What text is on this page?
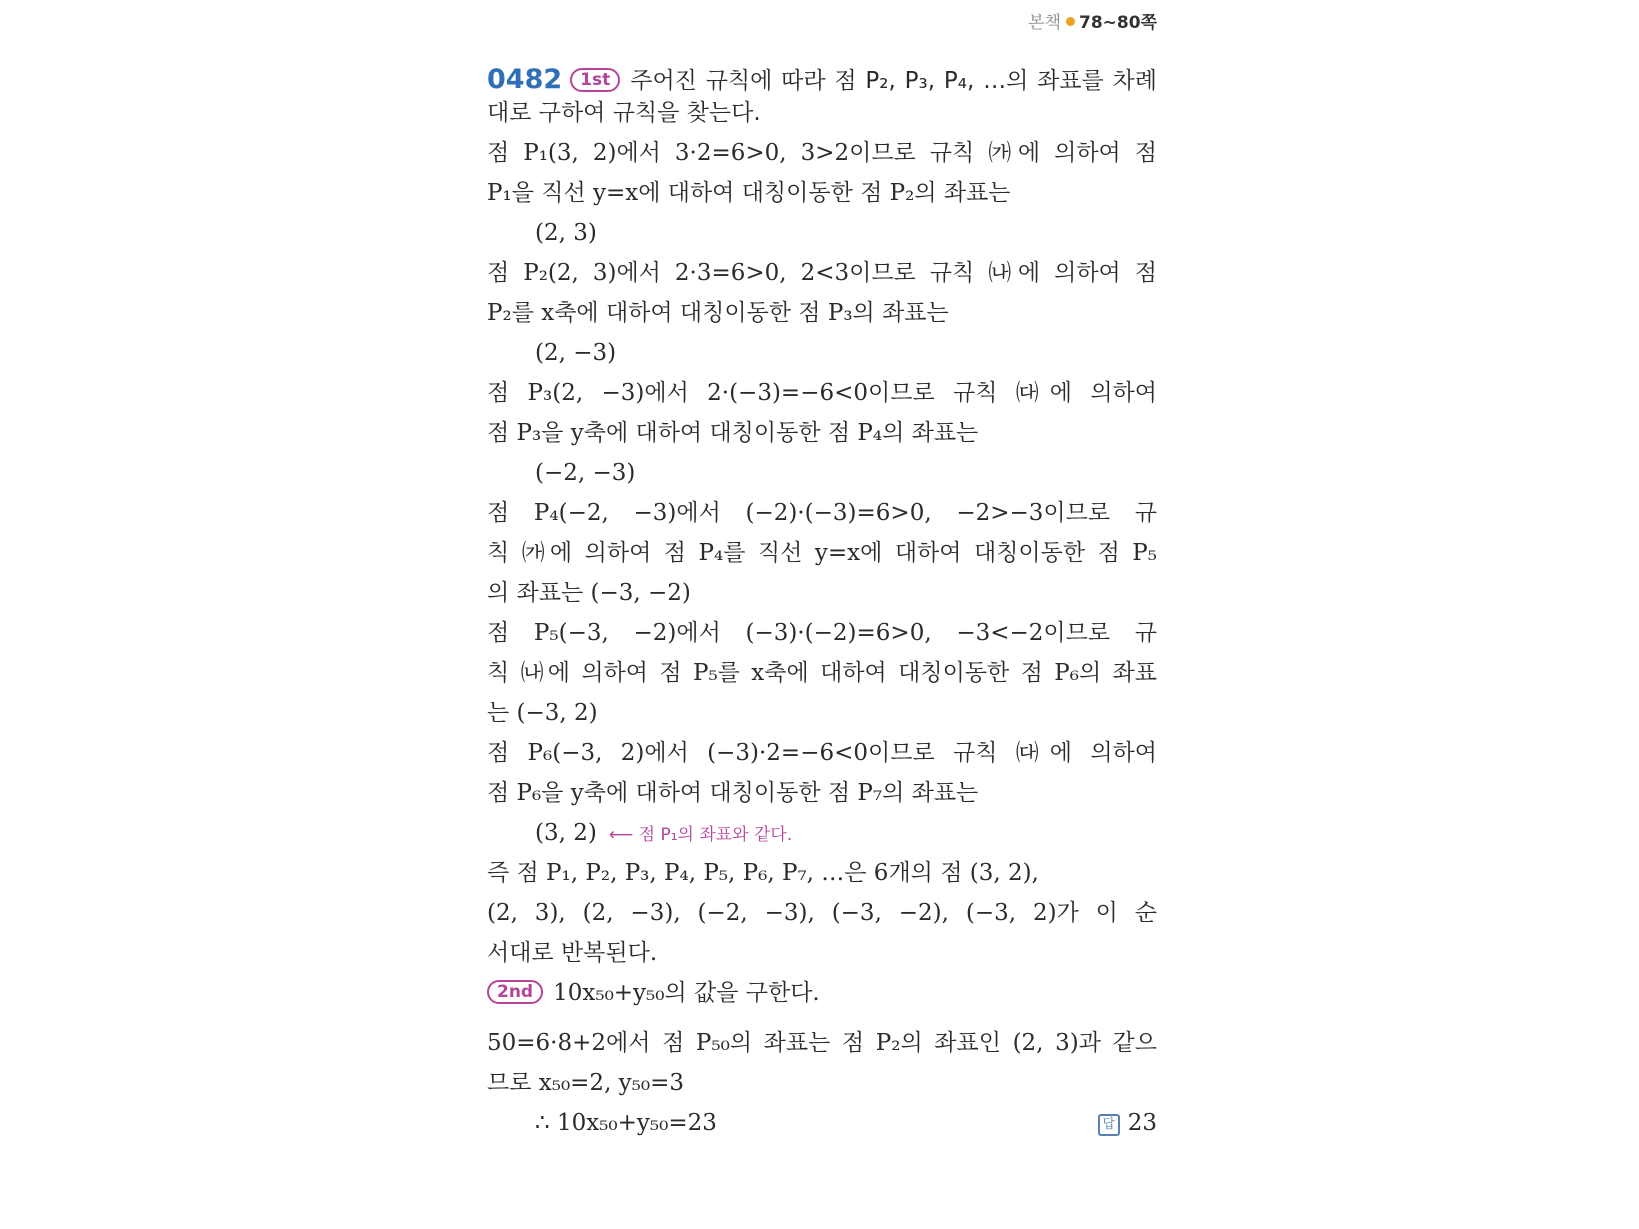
본책 78~80쪽
0482 1st 주어진 규칙에 따라 점 P₂, P₃, P₄, …의 좌표를 차례
대로 구하여 규칙을 찾는다.
점 P₁(3, 2)에서 3·2=6>0, 3>2이므로 규칙 ㈎에 의하여 점
P₁을 직선 y=x에 대하여 대칭이동한 점 P₂의 좌표는
(2, 3)
점 P₂(2, 3)에서 2·3=6>0, 2<3이므로 규칙 ㈏에 의하여 점
P₂를 x축에 대하여 대칭이동한 점 P₃의 좌표는
(2, −3)
점 P₃(2, −3)에서 2·(−3)=−6<0이므로 규칙 ㈐에 의하여
점 P₃을 y축에 대하여 대칭이동한 점 P₄의 좌표는
(−2, −3)
점 P₄(−2, −3)에서 (−2)·(−3)=6>0, −2>−3이므로 규
칙 ㈎에 의하여 점 P₄를 직선 y=x에 대하여 대칭이동한 점 P₅
의 좌표는 (−3, −2)
점 P₅(−3, −2)에서 (−3)·(−2)=6>0, −3<−2이므로 규
칙 ㈏에 의하여 점 P₅를 x축에 대하여 대칭이동한 점 P₆의 좌표
는 (−3, 2)
점 P₆(−3, 2)에서 (−3)·2=−6<0이므로 규칙 ㈐에 의하여
점 P₆을 y축에 대하여 대칭이동한 점 P₇의 좌표는
(3, 2) ⟵ 점 P₁의 좌표와 같다.
즉 점 P₁, P₂, P₃, P₄, P₅, P₆, P₇, …은 6개의 점 (3, 2),
(2, 3), (2, −3), (−2, −3), (−3, −2), (−3, 2)가 이 순
서대로 반복된다.
2nd 10x₅₀+y₅₀의 값을 구한다.
50=6·8+2에서 점 P₅₀의 좌표는 점 P₂의 좌표인 (2, 3)과 같으
므로 x₅₀=2, y₅₀=3
∴ 10x₅₀+y₅₀=23	답 23
